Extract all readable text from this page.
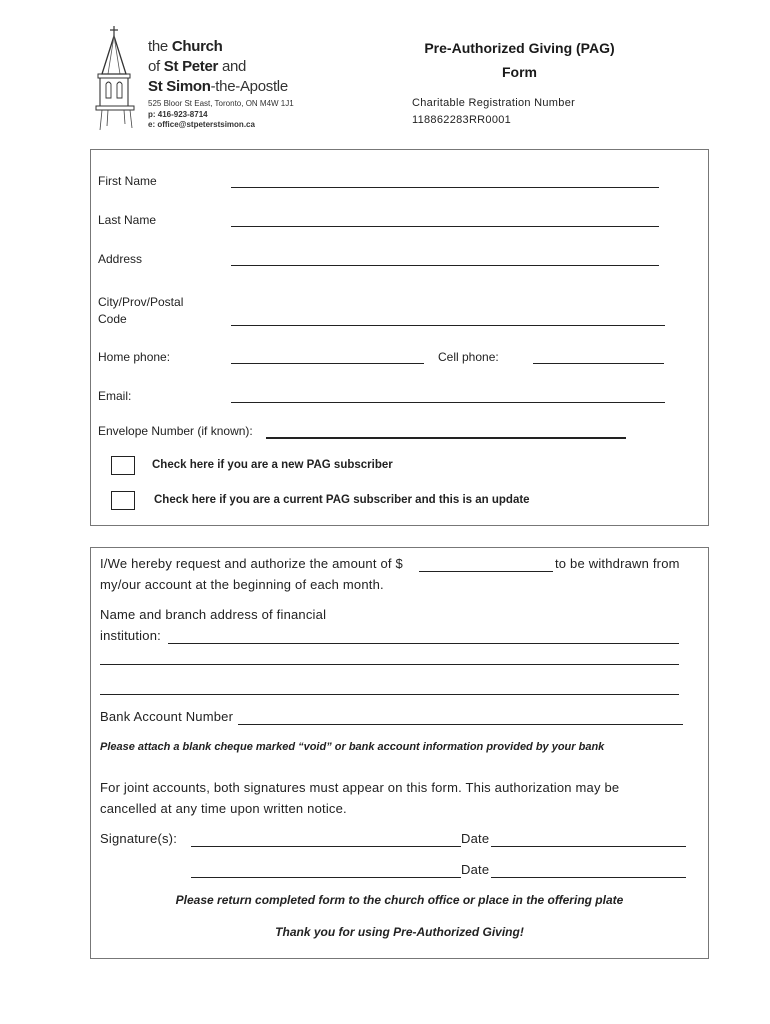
the Church
of St Peter and
St Simon-the-Apostle
525 Bloor St East, Toronto, ON M4W 1J1
p: 416-923-8714
e: office@stpeterstsimon.ca
Pre-Authorized Giving (PAG)
Form
Charitable Registration Number
118862283RR0001
First Name
Last Name
Address
City/Prov/Postal
Code
Home phone:	Cell phone:
Email:
Envelope Number (if known):
Check here if you are a new PAG subscriber
Check here if you are a current PAG subscriber and this is an update
I/We hereby request and authorize the amount of $	to be withdrawn from
my/our account at the beginning of each month.
Name and branch address of financial
institution:
Bank Account Number
Please attach a blank cheque marked “void” or bank account information provided by your bank
For joint accounts, both signatures must appear on this form. This authorization may be
cancelled at any time upon written notice.
Signature(s):	Date
Date
Please return completed form to the church office or place in the offering plate
Thank you for using Pre-Authorized Giving!
